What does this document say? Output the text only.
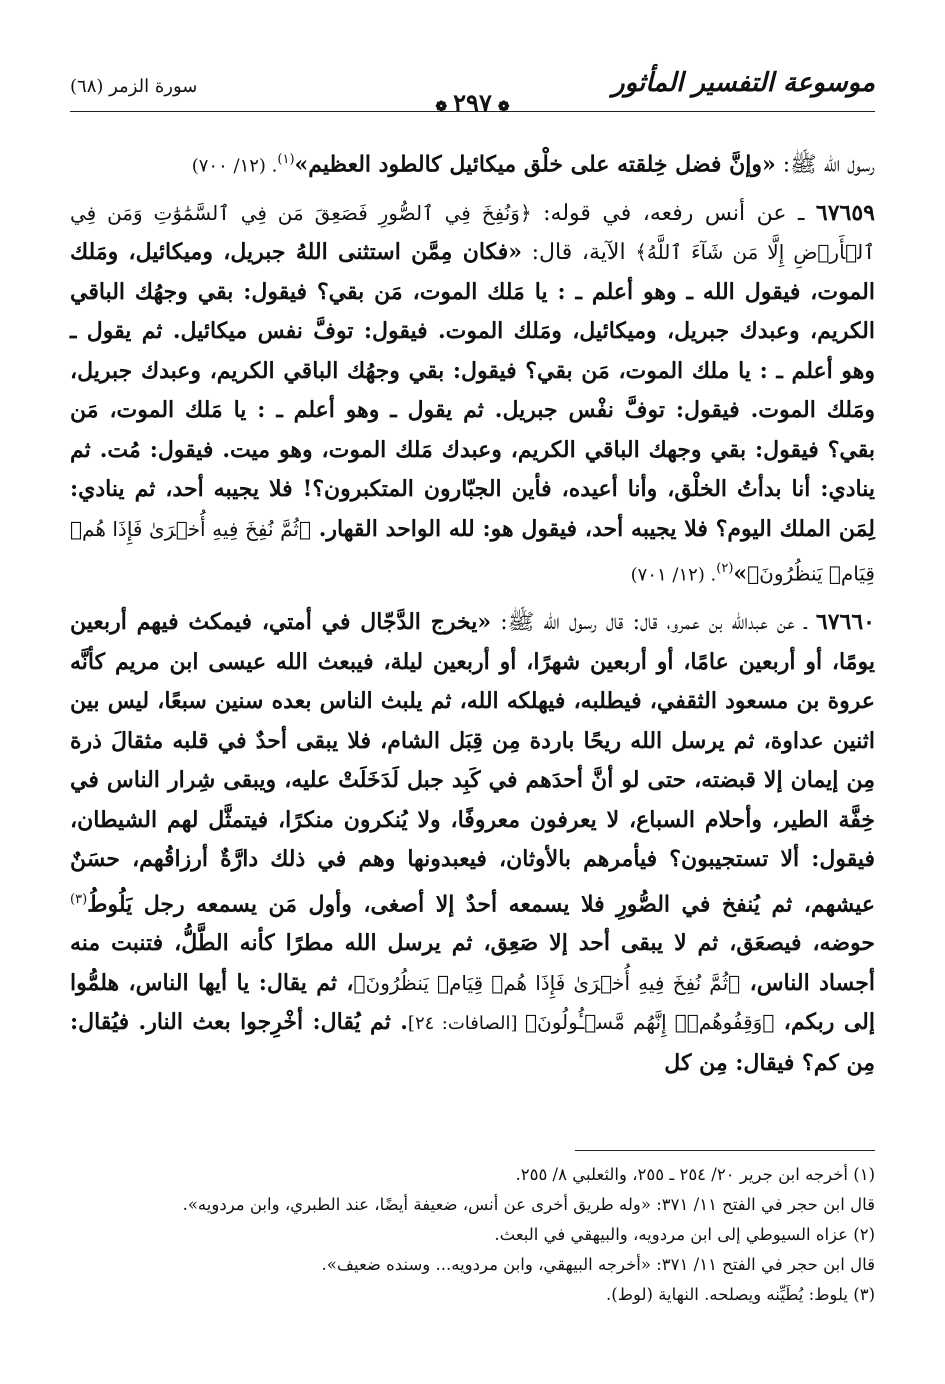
موسوعة التفسير المأثور
❁٢٩٧❁
سورة الزمر (٦٨)

رسول الله ﷺ: «وإنَّ فضل خِلقته على خلْق ميكائيل كالطود العظيم»$^{(١)}$. (١٢/ ٧٠٠)

٦٧٦٥٩ ـ عن أنس رفعه، في قوله: ﴿وَنُفِخَ فِي ٱلصُّورِ فَصَعِقَ مَن فِي ٱلسَّمَٰوَٰتِ وَمَن فِي ٱلۡأَرۡضِ إِلَّا مَن شَآءَ ٱللَّهُ﴾ الآية، قال: «فكان مِمَّن استثنى اللهُ جبريل، وميكائيل، ومَلك الموت، فيقول الله ـ وهو أعلم ـ : يا مَلك الموت، مَن بقي؟ فيقول: بقي وجهُك الباقي الكريم، وعبدك جبريل، وميكائيل، ومَلك الموت. فيقول: توفَّ نفس ميكائيل. ثم يقول ـ وهو أعلم ـ : يا ملك الموت، مَن بقي؟ فيقول: بقي وجهُك الباقي الكريم، وعبدك جبريل، ومَلك الموت. فيقول: توفَّ نفْس جبريل. ثم يقول ـ وهو أعلم ـ : يا مَلك الموت، مَن بقي؟ فيقول: بقي وجهك الباقي الكريم، وعبدك مَلك الموت، وهو ميت. فيقول: مُت. ثم ينادي: أنا بدأتُ الخلْق، وأنا أعيده، فأين الجبّارون المتكبرون؟! فلا يجيبه أحد، ثم ينادي: لِمَن الملك اليوم؟ فلا يجيبه أحد، فيقول هو: لله الواحد القهار. ﴿ثُمَّ نُفِخَ فِيهِ أُخۡرَىٰ فَإِذَا هُمۡ قِيَامٞ يَنظُرُونَ﴾»$^{(٢)}$. (١٢/ ٧٠١)

٦٧٦٦٠ ـ عن عبدالله بن عمرو، قال: قال رسول الله ﷺ: «يخرج الدَّجّال في أمتي، فيمكث فيهم أربعين يومًا، أو أربعين عامًا، أو أربعين شهرًا، أو أربعين ليلة، فيبعث الله عيسى ابن مريم كأنَّه عروة بن مسعود الثقفي، فيطلبه، فيهلكه الله، ثم يلبث الناس بعده سنين سبعًا، ليس بين اثنين عداوة، ثم يرسل الله ريحًا باردة مِن قِبَل الشام، فلا يبقى أحدٌ في قلبه مثقالَ ذرة مِن إيمان إلا قبضته، حتى لو أنَّ أحدَهم في كَبِد جبل لَدَخَلَتْ عليه، ويبقى شِرار الناس في خِفَّة الطير، وأحلام السباع، لا يعرفون معروفًا، ولا يُنكرون منكرًا، فيتمثَّل لهم الشيطان، فيقول: ألا تستجيبون؟ فيأمرهم بالأوثان، فيعبدونها وهم في ذلك دارَّةٌ أرزاقُهم، حسَنٌ عيشهم، ثم يُنفخ في الصُّورِ فلا يسمعه أحدٌ إلا أصغى، وأول مَن يسمعه رجل يَلُوطُ$^{(٣)}$ حوضه، فيصعَق، ثم لا يبقى أحد إلا صَعِق، ثم يرسل الله مطرًا كأنه الطَّلُّ، فتنبت منه أجساد الناس، ﴿ثُمَّ نُفِخَ فِيهِ أُخۡرَىٰ فَإِذَا هُمۡ قِيَامٞ يَنظُرُونَ﴾، ثم يقال: يا أيها الناس، هلمُّوا إلى ربكم، ﴿وَقِفُوهُمۡۖ إِنَّهُم مَّسۡـُٔولُونَ﴾ [الصافات: ٢٤]. ثم يُقال: أخْرِجوا بعث النار. فيُقال: مِن كم؟ فيقال: مِن كل

(١) أخرجه ابن جرير ٢٠/ ٢٥٤ ـ ٢٥٥، والثعلبي ٨/ ٢٥٥.
قال ابن حجر في الفتح ١١/ ٣٧١: «وله طريق أخرى عن أنس، ضعيفة أيضًا، عند الطبري، وابن مردويه».
(٢) عزاه السيوطي إلى ابن مردويه، والبيهقي في البعث.
قال ابن حجر في الفتح ١١/ ٣٧١: «أخرجه البيهقي، وابن مردويه... وسنده ضعيف».
(٣) يلوط: يُطَيِّنه ويصلحه. النهاية (لوط).
